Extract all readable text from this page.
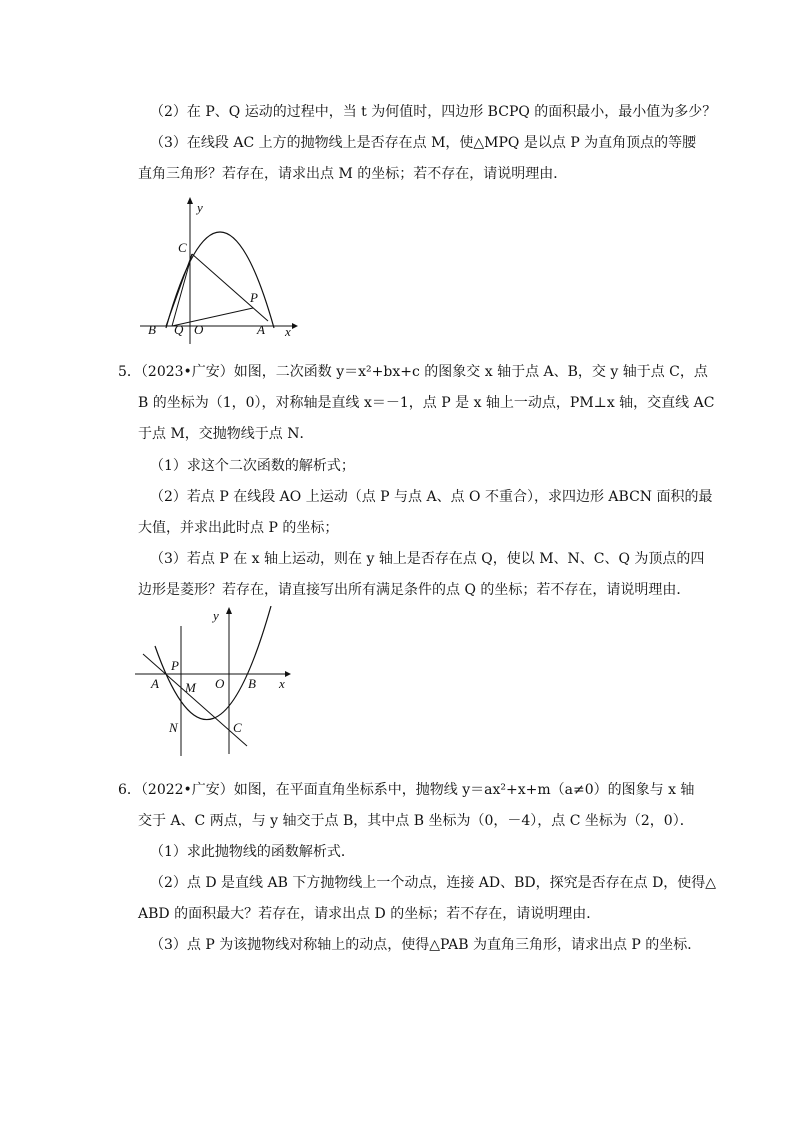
（2）在 P、Q 运动的过程中，当 t 为何值时，四边形 BCPQ 的面积最小，最小值为多少？
（3）在线段 AC 上方的抛物线上是否存在点 M，使△MPQ 是以点 P 为直角顶点的等腰
直角三角形？若存在，请求出点 M 的坐标；若不存在，请说明理由．
y
x
C
P
B Q O	A
5．（2023•广安）如图，二次函数 y＝x²+bx+c 的图象交 x 轴于点 A、B，交 y 轴于点 C，点
B 的坐标为（1，0），对称轴是直线 x＝－1，点 P 是 x 轴上一动点，PM⊥x 轴，交直线 AC
于点 M，交抛物线于点 N．
（1）求这个二次函数的解析式；
（2）若点 P 在线段 AO 上运动（点 P 与点 A、点 O 不重合），求四边形 ABCN 面积的最
大值，并求出此时点 P 的坐标；
（3）若点 P 在 x 轴上运动，则在 y 轴上是否存在点 Q，使以 M、N、C、Q 为顶点的四
边形是菱形？若存在，请直接写出所有满足条件的点 Q 的坐标；若不存在，请说明理由．
y
x
P
A M O B
N	C
6．（2022•广安）如图，在平面直角坐标系中，抛物线 y＝ax²+x+m（a≠0）的图象与 x 轴
交于 A、C 两点，与 y 轴交于点 B，其中点 B 坐标为（0，－4），点 C 坐标为（2，0）．
（1）求此抛物线的函数解析式．
（2）点 D 是直线 AB 下方抛物线上一个动点，连接 AD、BD，探究是否存在点 D，使得△
ABD 的面积最大？若存在，请求出点 D 的坐标；若不存在，请说明理由．
（3）点 P 为该抛物线对称轴上的动点，使得△PAB 为直角三角形，请求出点 P 的坐标．
